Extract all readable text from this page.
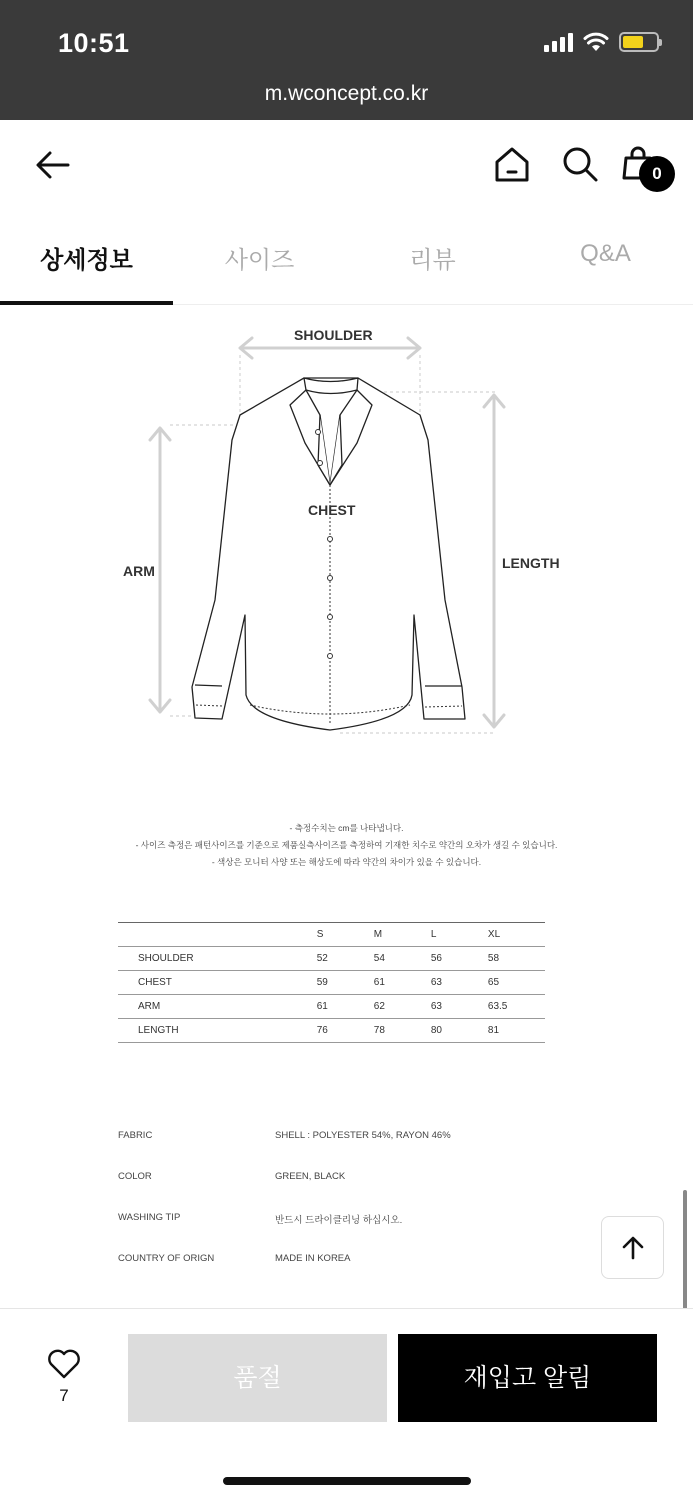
10:51
m.wconcept.co.kr
0
상세정보	사이즈	리뷰	Q&A
SHOULDER
CHEST
ARM	LENGTH
- 측정수치는 cm를 나타냅니다.
- 사이즈 측정은 패턴사이즈를 기준으로 제품실측사이즈를 측정하여 기재한 치수로 약간의 오차가 생길 수 있습니다.
- 색상은 모니터 사양 또는 해상도에 따라 약간의 차이가 있을 수 있습니다.
	S	M	L	XL
SHOULDER	52	54	56	58
CHEST	59	61	63	65
ARM	61	62	63	63.5
LENGTH	76	78	80	81
FABRIC	SHELL : POLYESTER 54%, RAYON 46%
COLOR	GREEN, BLACK
WASHING TIP	반드시 드라이클리닝 하십시오.
COUNTRY OF ORIGN	MADE IN KOREA
7
품절	재입고 알림
